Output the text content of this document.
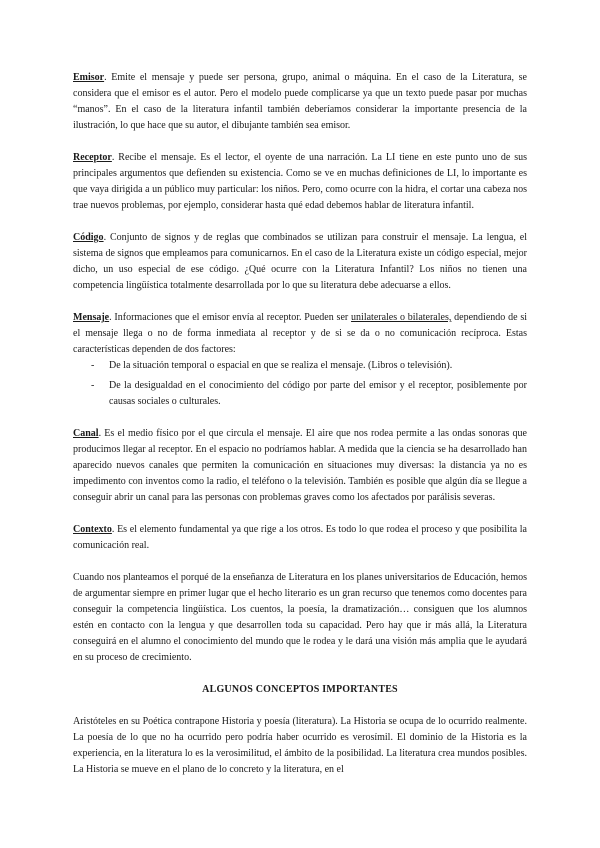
Emisor. Emite el mensaje y puede ser persona, grupo, animal o máquina. En el caso de la Literatura, se considera que el emisor es el autor. Pero el modelo puede complicarse ya que un texto puede pasar por muchas “manos”. En el caso de la literatura infantil también deberíamos considerar la importante presencia de la ilustración, lo que hace que su autor, el dibujante también sea emisor.

Receptor. Recibe el mensaje. Es el lector, el oyente de una narración. La LI tiene en este punto uno de sus principales argumentos que defienden su existencia. Como se ve en muchas definiciones de LI, lo importante es que vaya dirigida a un público muy particular: los niños. Pero, como ocurre con la hidra, el cortar una cabeza nos trae nuevos problemas, por ejemplo, considerar hasta qué edad debemos hablar de literatura infantil.

Código. Conjunto de signos y de reglas que combinados se utilizan para construir el mensaje. La lengua, el sistema de signos que empleamos para comunicarnos. En el caso de la Literatura existe un código especial, mejor dicho, un uso especial de ese código. ¿Qué ocurre con la Literatura Infantil? Los niños no tienen una competencia lingüística totalmente desarrollada por lo que su literatura debe adecuarse a ellos.

Mensaje. Informaciones que el emisor envía al receptor. Pueden ser unilaterales o bilaterales, dependiendo de si el mensaje llega o no de forma inmediata al receptor y de si se da o no comunicación recíproca. Estas características dependen de dos factores:

- De la situación temporal o espacial en que se realiza el mensaje. (Libros o televisión).
- De la desigualdad en el conocimiento del código por parte del emisor y el receptor, posiblemente por causas sociales o culturales.

Canal. Es el medio físico por el que circula el mensaje. El aire que nos rodea permite a las ondas sonoras que producimos llegar al receptor. En el espacio no podríamos hablar. A medida que la ciencia se ha desarrollado han aparecido nuevos canales que permiten la comunicación en situaciones muy diversas: la distancia ya no es impedimento con inventos como la radio, el teléfono o la televisión. También es posible que algún día se llegue a conseguir abrir un canal para las personas con problemas graves como los afectados por parálisis severas.

Contexto. Es el elemento fundamental ya que rige a los otros. Es todo lo que rodea el proceso y que posibilita la comunicación real.

Cuando nos planteamos el porqué de la enseñanza de Literatura en los planes universitarios de Educación, hemos de argumentar siempre en primer lugar que el hecho literario es un gran recurso que tenemos como docentes para conseguir la competencia lingüística. Los cuentos, la poesía, la dramatización… consiguen que los alumnos estén en contacto con la lengua y que desarrollen toda su capacidad. Pero hay que ir más allá, la Literatura conseguirá en el alumno el conocimiento del mundo que le rodea y le dará una visión más amplia que le ayudará en su proceso de crecimiento.

ALGUNOS CONCEPTOS IMPORTANTES

Aristóteles en su Poética contrapone Historia y poesía (literatura). La Historia se ocupa de lo ocurrido realmente. La poesía de lo que no ha ocurrido pero podría haber ocurrido es verosímil. El dominio de la Historia es la experiencia, en la literatura lo es la verosimilitud, el ámbito de la posibilidad. La literatura crea mundos posibles. La Historia se mueve en el plano de lo concreto y la literatura, en el
